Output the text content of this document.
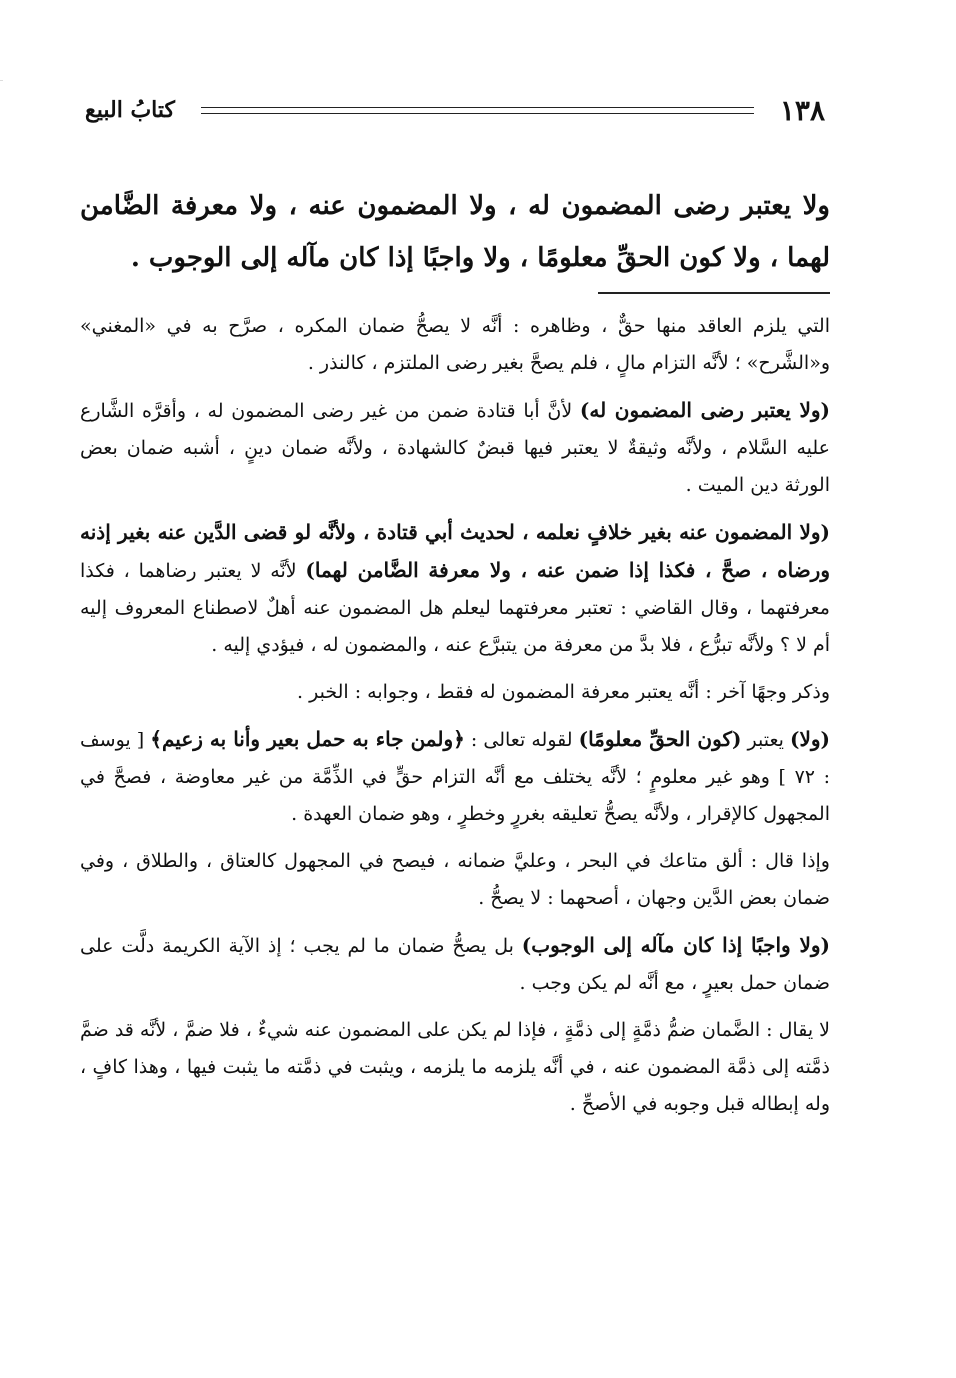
١٣٨
كتابُ البيع
ولا يعتبر رضى المضمون له ، ولا المضمون عنه ، ولا معرفة الضَّامن لهما ، ولا كون الحقِّ معلومًا ، ولا واجبًا إذا كان مآله إلى الوجوب .

التي يلزم العاقد منها حقٌّ ، وظاهره : أنَّه لا يصحُّ ضمان المكره ، صرَّح به في «المغني» و«الشَّرح» ؛ لأنَّه التزام مالٍ ، فلم يصحَّ بغير رضى الملتزم ، كالنذر .

(ولا يعتبر رضى المضمون له) لأنَّ أبا قتادة ضمن من غير رضى المضمون له ، وأقرَّه الشَّارع عليه السَّلام ، ولأنَّه وثيقةٌ لا يعتبر فيها قبضٌ كالشهادة ، ولأنَّه ضمان دينٍ ، أشبه ضمان بعض الورثة دين الميت .

(ولا المضمون عنه بغير خلافٍ نعلمه ، لحديث أبي قتادة ، ولأنَّه لو قضى الدَّين عنه بغير إذنه ورضاه ، صحَّ ، فكذا إذا ضمن عنه ، ولا معرفة الضَّامن لهما) لأنَّه لا يعتبر رضاهما ، فكذا معرفتهما ، وقال القاضي : تعتبر معرفتهما ليعلم هل المضمون عنه أهلٌ لاصطناع المعروف إليه أم لا ؟ ولأنَّه تبرُّع ، فلا بدَّ من معرفة من يتبرَّع عنه ، والمضمون له ، فيؤدي إليه .

وذكر وجهًا آخر : أنَّه يعتبر معرفة المضمون له فقط ، وجوابه : الخبر .

(ولا) يعتبر (كون الحقِّ معلومًا) لقوله تعالى : ﴿ولمن جاء به حمل بعير وأنا به زعيم﴾ [ يوسف : ٧٢ ] وهو غير معلومٍ ؛ لأنَّه يختلف مع أنَّه التزام حقٍّ في الذِّمَّة من غير معاوضة ، فصحَّ في المجهول كالإقرار ، ولأنَّه يصحُّ تعليقه بغررٍ وخطرٍ ، وهو ضمان العهدة .

وإذا قال : ألق متاعك في البحر ، وعليَّ ضمانه ، فيصح في المجهول كالعتاق ، والطلاق ، وفي ضمان بعض الدَّين وجهان ، أصحهما : لا يصحُّ .

(ولا واجبًا إذا كان مآله إلى الوجوب) بل يصحُّ ضمان ما لم يجب ؛ إذ الآية الكريمة دلَّت على ضمان حمل بعيرٍ ، مع أنَّه لم يكن وجب .

لا يقال : الضَّمان ضمُّ ذمَّةٍ إلى ذمَّةٍ ، فإذا لم يكن على المضمون عنه شيءٌ ، فلا ضمَّ ، لأنَّه قد ضمَّ ذمَّته إلى ذمَّة المضمون عنه ، في أنَّه يلزمه ما يلزمه ، ويثبت في ذمَّته ما يثبت فيها ، وهذا كافٍ ، وله إبطاله قبل وجوبه في الأصحِّ .
